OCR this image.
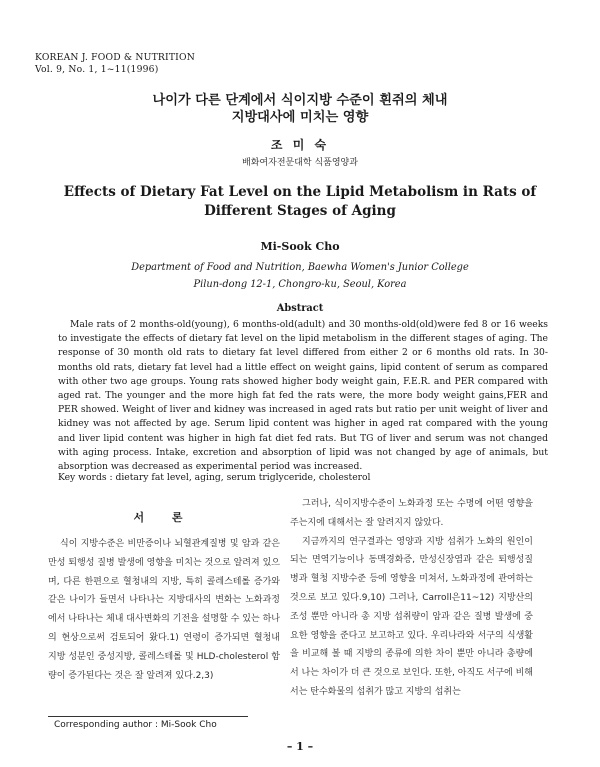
KOREAN J. FOOD & NUTRITION
Vol. 9, No. 1, 1~11(1996)
나이가 다른 단계에서 식이지방 수준이 흰쥐의 체내
지방대사에 미치는 영향
조 미 숙
배화여자전문대학 식품영양과
Effects of Dietary Fat Level on the Lipid Metabolism in Rats of
Different Stages of Aging
Mi-Sook Cho
Department of Food and Nutrition, Baewha Women's Junior College
Pilun-dong 12-1, Chongro-ku, Seoul, Korea
Abstract

Male rats of 2 months-old(young), 6 months-old(adult) and 30 months-old(old)were fed 8 or 16 weeks to investigate the effects of dietary fat level on the lipid metabolism in the different stages of aging. The response of 30 month old rats to dietary fat level differed from either 2 or 6 months old rats. In 30-months old rats, dietary fat level had a little effect on weight gains, lipid content of serum as compared with other two age groups. Young rats showed higher body weight gain, F.E.R. and PER compared with aged rat. The younger and the more high fat fed the rats were, the more body weight gains,FER and PER showed. Weight of liver and kidney was increased in aged rats but ratio per unit weight of liver and kidney was not affected by age. Serum lipid content was higher in aged rat compared with the young and liver lipid content was higher in high fat diet fed rats. But TG of liver and serum was not changed with aging process. Intake, excretion and absorption of lipid was not changed by age of animals, but absorption was decreased as experimental period was increased.

Key words : dietary fat level, aging, serum triglyceride, cholesterol
서 론

식이 지방수준은 비만증이나 뇌혈관계질병 및 암과 같은 만성 퇴행성 질병 발생에 영향을 미치는 것으로 알려져 있으며, 다른 한편으로 혈청내의 지방, 특히 콜레스테롤 증가와 같은 나이가 들면서 나타나는 지방대사의 변화는 노화과정에서 나타나는 체내 대사변화의 기전을 설명할 수 있는 하나의 현상으로써 검토되어 왔다.1) 연령이 증가되면 혈청내 지방 성분인 중성지방, 콜레스테롤 및 HLD-cholesterol 함량이 증가된다는 것은 잘 알려져 있다.2,3)

그러나, 식이지방수준이 노화과정 또는 수명에 어떤 영향을 주는지에 대해서는 잘 알려지지 않았다.

지금까지의 연구결과는 영양과 지방 섭취가 노화의 원인이 되는 면역기능이나 동맥경화증, 만성신장염과 같은 퇴행성질병과 혈청 지방수준 등에 영향을 미쳐서, 노화과정에 관여하는 것으로 보고 있다.9,10) 그러나, Carroll은11~12) 지방산의 조성 뿐만 아니라 총 지방 섭취량이 암과 같은 질병 발생에 중요한 영향을 준다고 보고하고 있다. 우리나라와 서구의 식생활을 비교해 볼 때 지방의 종류에 의한 차이 뿐만 아니라 총량에서 나는 차이가 더 큰 것으로 보인다. 또한, 아직도 서구에 비해서는 탄수화물의 섭취가 많고 지방의 섭취는

Corresponding author : Mi-Sook Cho
– 1 –
